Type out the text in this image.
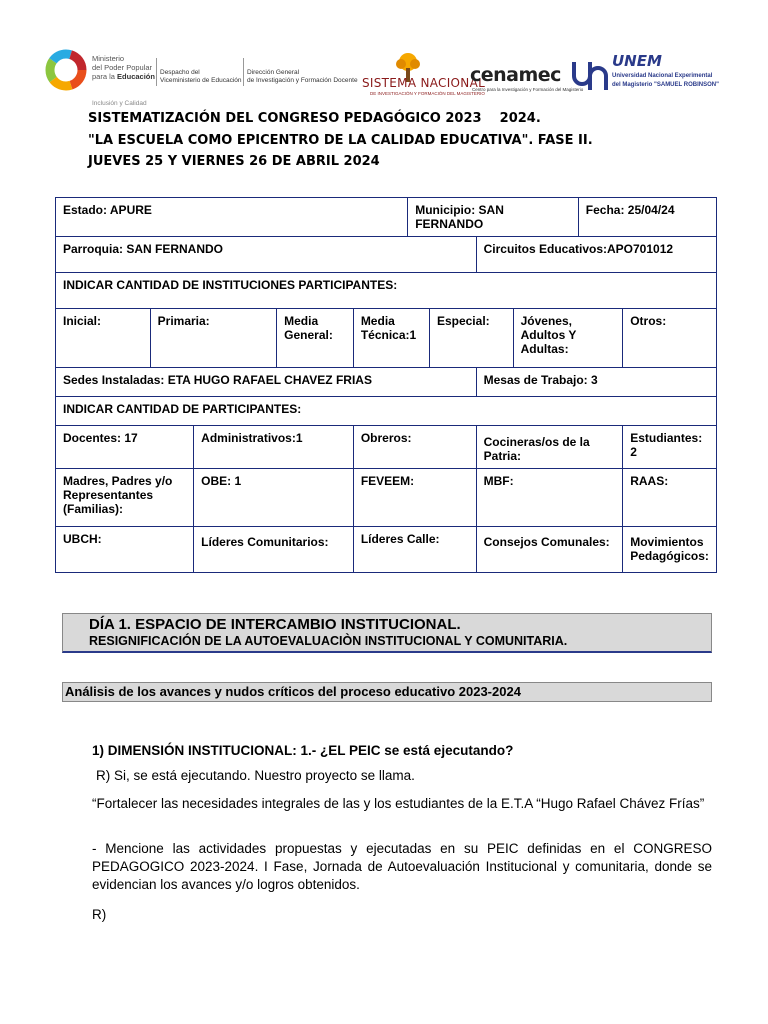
Ministerio
del Poder Popular
para la Educación
Inclusión y Calidad
Despacho del
Viceministerio de Educación
Dirección General
de Investigación y Formación Docente SISTEMA NACIONAL
DE INVESTIGACIÓN Y FORMACIÓN DEL MAGISTERIO
cenamec
Centro para la Investigación y Formación del Magisterio
UNEM
Universidad Nacional Experimental
del Magisterio "SAMUEL ROBINSON"
SISTEMATIZACIÓN DEL CONGRESO PEDAGÓGICO 2023    2024.
"LA ESCUELA COMO EPICENTRO DE LA CALIDAD EDUCATIVA". FASE II.
JUEVES 25 Y VIERNES 26 DE ABRIL 2024
Estado: APURE					Municipio: SAN FERNANDO				Fecha: 25/04/24	
Parroquia: SAN FERNANDO							Circuitos Educativos:APO701012			
INDICAR CANTIDAD DE INSTITUCIONES PARTICIPANTES:										
Inicial:	Primaria:		Media General:	Media Técnica:1		Especial:		Jóvenes, Adultos Y Adultas:		Otros:
Sedes Instaladas: ETA HUGO RAFAEL CHAVEZ FRIAS							Mesas de Trabajo: 3			
INDICAR CANTIDAD DE PARTICIPANTES:										
Docentes: 17		Administrativos:1		Obreros:			Cocineras/os de la Patria:			Estudiantes: 2
Madres, Padres y/o Representantes (Familias):		OBE: 1		FEVEEM:			MBF:			RAAS:
UBCH:		Líderes Comunitarios:		Líderes Calle:			Consejos Comunales:			Movimientos Pedagógicos:
DÍA 1. ESPACIO DE INTERCAMBIO INSTITUCIONAL.
RESIGNIFICACIÓN DE LA AUTOEVALUACIÒN INSTITUCIONAL Y COMUNITARIA.
Análisis de los avances y nudos críticos del proceso educativo 2023-2024
1) DIMENSIÓN INSTITUCIONAL: 1.- ¿EL PEIC se está ejecutando?
R) Si, se está ejecutando. Nuestro proyecto se llama.
“Fortalecer las necesidades integrales de las y los estudiantes de la E.T.A “Hugo Rafael Chávez Frías”
- Mencione las actividades propuestas y ejecutadas en su PEIC definidas en el CONGRESO PEDAGOGICO 2023-2024. I Fase, Jornada de Autoevaluación Institucional y comunitaria, donde se evidencian los avances y/o logros obtenidos.
R)
